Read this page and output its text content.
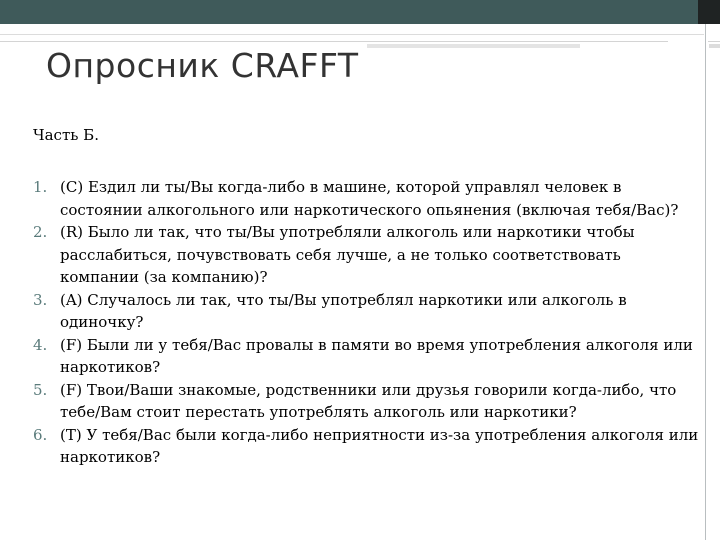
Опросник CRAFFT

Часть Б.

1. (С) Ездил ли ты/Вы когда-либо в машине, которой управлял человек в состоянии алкогольного или наркотического опьянения (включая тебя/Вас)?
2. (R) Было ли так, что ты/Вы употребляли алкоголь или наркотики чтобы расслабиться, почувствовать себя лучше, а не только соответствовать компании (за компанию)?
3. (A) Случалось ли так, что ты/Вы употреблял наркотики или алкоголь в одиночку?
4. (F) Были ли у тебя/Вас провалы в памяти во время употребления алкоголя или наркотиков?
5. (F) Твои/Ваши знакомые, родственники или друзья говорили когда-либо, что тебе/Вам стоит перестать употреблять алкоголь или наркотики?
6. (T) У тебя/Вас были когда-либо неприятности из-за употребления алкоголя или наркотиков?
